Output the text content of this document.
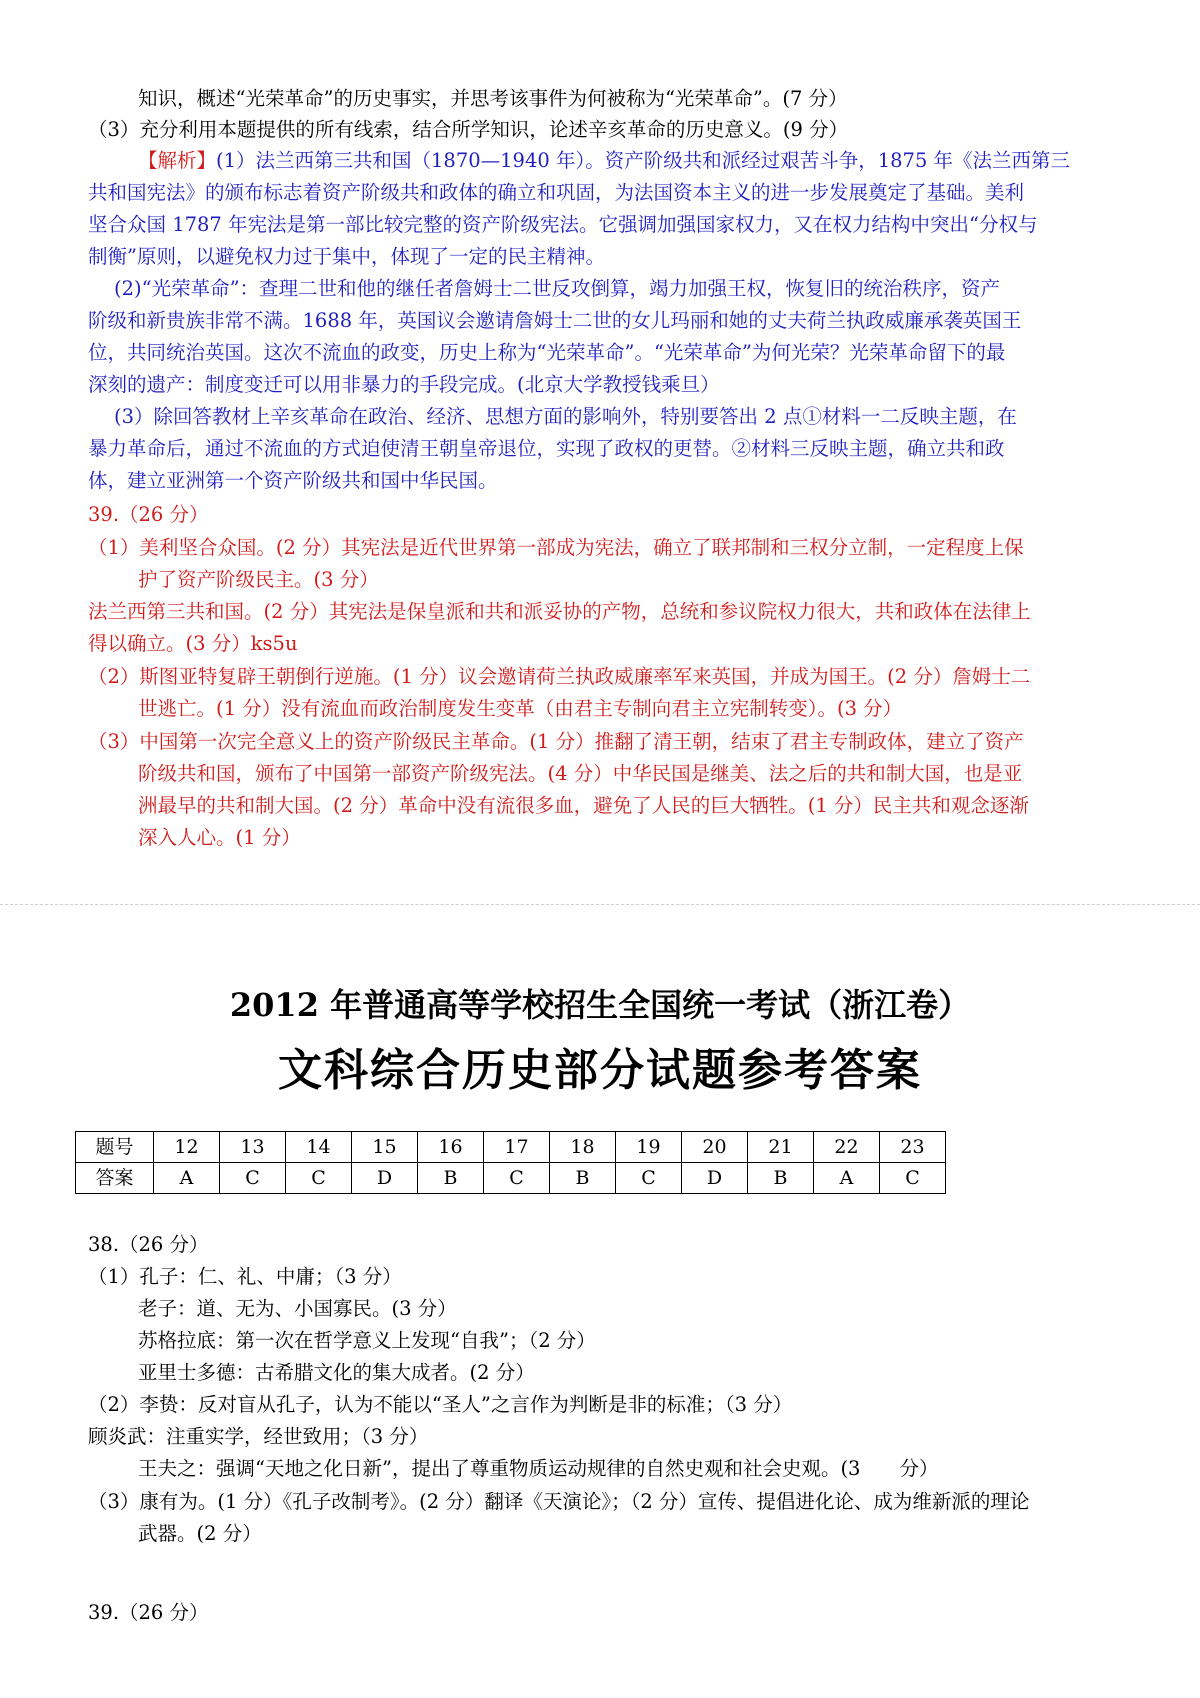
知识，概述“光荣革命”的历史事实，并思考该事件为何被称为“光荣革命”。(7 分）
（3）充分利用本题提供的所有线索，结合所学知识，论述辛亥革命的历史意义。(9 分）
【解析】(1）法兰西第三共和国（1870—1940 年）。资产阶级共和派经过艰苦斗争，1875 年《法兰西第三
共和国宪法》的颁布标志着资产阶级共和政体的确立和巩固，为法国资本主义的进一步发展奠定了基础。美利
坚合众国 1787 年宪法是第一部比较完整的资产阶级宪法。它强调加强国家权力，又在权力结构中突出“分权与
制衡”原则，以避免权力过于集中，体现了一定的民主精神。
(2)“光荣革命”：查理二世和他的继任者詹姆士二世反攻倒算，竭力加强王权，恢复旧的统治秩序，资产
阶级和新贵族非常不满。1688 年，英国议会邀请詹姆士二世的女儿玛丽和她的丈夫荷兰执政威廉承袭英国王
位，共同统治英国。这次不流血的政变，历史上称为“光荣革命”。“光荣革命”为何光荣？光荣革命留下的最
深刻的遗产：制度变迁可以用非暴力的手段完成。(北京大学教授钱乘旦）
(3）除回答教材上辛亥革命在政治、经济、思想方面的影响外，特别要答出 2 点①材料一二反映主题，在
暴力革命后，通过不流血的方式迫使清王朝皇帝退位，实现了政权的更替。②材料三反映主题，确立共和政
体，建立亚洲第一个资产阶级共和国中华民国。
39.（26 分）
（1）美利坚合众国。(2 分）其宪法是近代世界第一部成为宪法，确立了联邦制和三权分立制，一定程度上保
护了资产阶级民主。(3 分）
法兰西第三共和国。(2 分）其宪法是保皇派和共和派妥协的产物，总统和参议院权力很大，共和政体在法律上
得以确立。(3 分）ks5u
（2）斯图亚特复辟王朝倒行逆施。(1 分）议会邀请荷兰执政威廉率军来英国，并成为国王。(2 分）詹姆士二
世逃亡。(1 分）没有流血而政治制度发生变革（由君主专制向君主立宪制转变）。(3 分）
（3）中国第一次完全意义上的资产阶级民主革命。(1 分）推翻了清王朝，结束了君主专制政体，建立了资产
阶级共和国，颁布了中国第一部资产阶级宪法。(4 分）中华民国是继美、法之后的共和制大国，也是亚
洲最早的共和制大国。(2 分）革命中没有流很多血，避免了人民的巨大牺牲。(1 分）民主共和观念逐渐
深入人心。(1 分）
2012 年普通高等学校招生全国统一考试（浙江卷）
文科综合历史部分试题参考答案
题号	12	13	14	15	16	17	18	19	20	21	22	23
答案	A	C	C	D	B	C	B	C	D	B	A	C
38.（26 分）
（1）孔子：仁、礼、中庸；（3 分）
老子：道、无为、小国寡民。(3 分）
苏格拉底：第一次在哲学意义上发现“自我”；（2 分）
亚里士多德：古希腊文化的集大成者。(2 分）
（2）李贽：反对盲从孔子，认为不能以“圣人”之言作为判断是非的标准；（3 分）
顾炎武：注重实学，经世致用；（3 分）
王夫之：强调“天地之化日新”，提出了尊重物质运动规律的自然史观和社会史观。(3　　分）
（3）康有为。(1 分）《孔子改制考》。(2 分）翻译《天演论》；（2 分）宣传、提倡进化论、成为维新派的理论
武器。(2 分）
39.（26 分）
